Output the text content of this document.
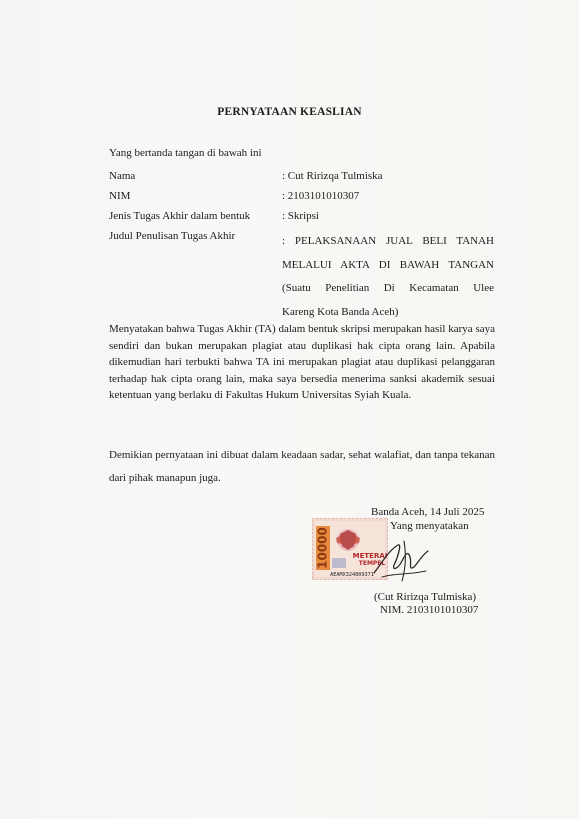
PERNYATAAN KEASLIAN
Yang bertanda tangan di bawah ini
Nama	: Cut Ririzqa Tulmiska
NIM	: 2103101010307
Jenis Tugas Akhir dalam bentuk	: Skripsi
Judul Penulisan Tugas Akhir	: PELAKSANAAN JUAL BELI TANAH
MELALUI AKTA DI BAWAH TANGAN
(Suatu Penelitian Di Kecamatan Ulee
Kareng Kota Banda Aceh)
Menyatakan bahwa Tugas Akhir (TA) dalam bentuk skripsi merupakan hasil karya saya sendiri dan bukan merupakan plagiat atau duplikasi hak cipta orang lain. Apabila dikemudian hari terbukti bahwa TA ini merupakan plagiat atau duplikasi pelanggaran terhadap hak cipta orang lain, maka saya bersedia menerima sanksi akademik sesuai ketentuan yang berlaku di Fakultas Hukum Universitas Syiah Kuala.
Demikian pernyataan ini dibuat dalam keadaan sadar, sehat walafiat, dan tanpa tekanan dari pihak manapun juga.
Banda Aceh, 14 Juli 2025
Yang menyatakan
10000	METERAI
TEMPEL
AEAMX324809371
(Cut Ririzqa Tulmiska)
NIM. 2103101010307
